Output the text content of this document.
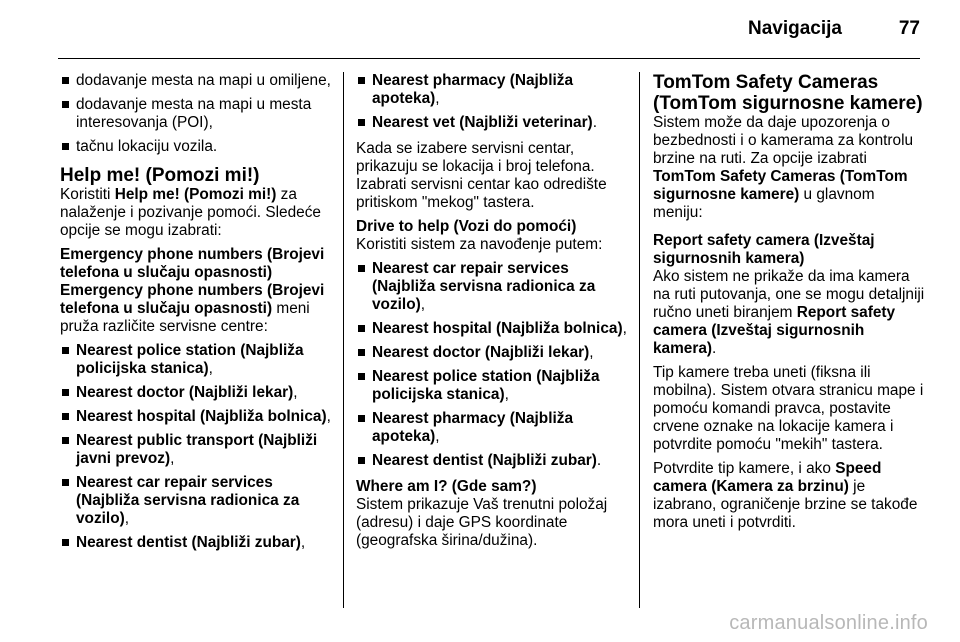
Navigacija	77
dodavanje mesta na mapi u omiljene,
dodavanje mesta na mapi u mesta interesovanja (POI),
tačnu lokaciju vozila.
Help me! (Pomozi mi!)

Koristiti Help me! (Pomozi mi!) za nalaženje i pozivanje pomoći. Sledeće opcije se mogu izabrati:

Emergency phone numbers (Brojevi telefona u slučaju opasnosti)

Emergency phone numbers (Brojevi telefona u slučaju opasnosti) meni pruža različite servisne centre:

Nearest police station (Najbliža policijska stanica),
Nearest doctor (Najbliži lekar),
Nearest hospital (Najbliža bolnica),
Nearest public transport (Najbliži javni prevoz),
Nearest car repair services (Najbliža servisna radionica za vozilo),
Nearest dentist (Najbliži zubar),
Nearest pharmacy (Najbliža apoteka),
Nearest vet (Najbliži veterinar).

Kada se izabere servisni centar, prikazuju se lokacija i broj telefona. Izabrati servisni centar kao odredište pritiskom "mekog" tastera.

Drive to help (Vozi do pomoći)

Koristiti sistem za navođenje putem:

Nearest car repair services (Najbliža servisna radionica za vozilo),
Nearest hospital (Najbliža bolnica),
Nearest doctor (Najbliži lekar),
Nearest police station (Najbliža policijska stanica),
Nearest pharmacy (Najbliža apoteka),
Nearest dentist (Najbliži zubar).
Where am I? (Gde sam?)

Sistem prikazuje Vaš trenutni položaj (adresu) i daje GPS koordinate (geografska širina/dužina).

TomTom Safety Cameras (TomTom sigurnosne kamere)

Sistem može da daje upozorenja o bezbednosti i o kamerama za kontrolu brzine na ruti. Za opcije izabrati TomTom Safety Cameras (TomTom sigurnosne kamere) u glavnom meniju:

Report safety camera (Izveštaj sigurnosnih kamera)

Ako sistem ne prikaže da ima kamera na ruti putovanja, one se mogu detaljniji ručno uneti biranjem Report safety camera (Izveštaj sigurnosnih kamera).

Tip kamere treba uneti (fiksna ili mobilna). Sistem otvara stranicu mape i pomoću komandi pravca, postavite crvene oznake na lokacije kamera i potvrdite pomoću "mekih" tastera.

Potvrdite tip kamere, i ako Speed camera (Kamera za brzinu) je izabrano, ograničenje brzine se takođe mora uneti i potvrditi.

carmanualsonline.info
